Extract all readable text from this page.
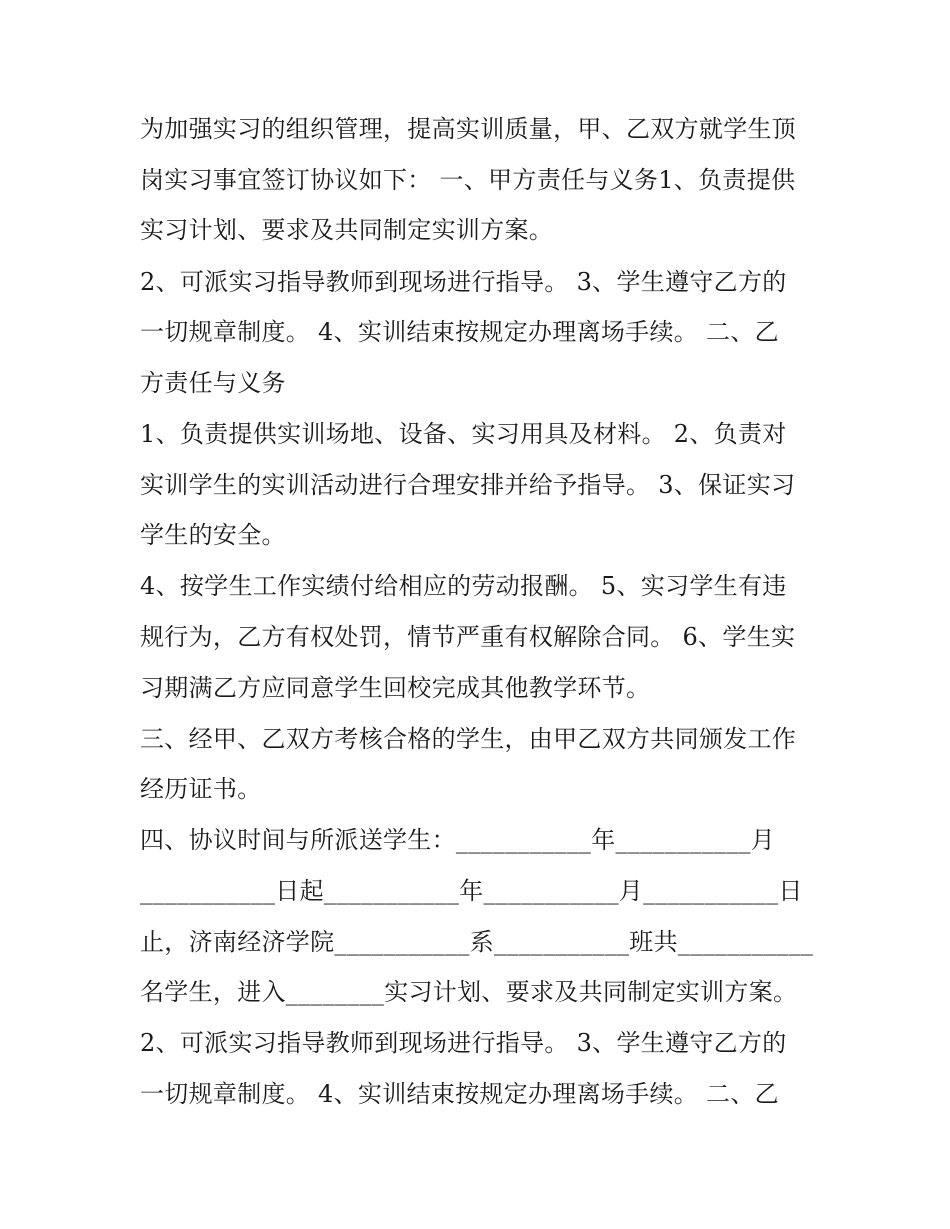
为加强实习的组织管理，提高实训质量，甲、乙双方就学生顶
岗实习事宜签订协议如下： 一、甲方责任与义务1、负责提供
实习计划、要求及共同制定实训方案。
2、可派实习指导教师到现场进行指导。 3、学生遵守乙方的
一切规章制度。 4、实训结束按规定办理离场手续。 二、乙
方责任与义务
1、负责提供实训场地、设备、实习用具及材料。 2、负责对
实训学生的实训活动进行合理安排并给予指导。 3、保证实习
学生的安全。
4、按学生工作实绩付给相应的劳动报酬。 5、实习学生有违
规行为，乙方有权处罚，情节严重有权解除合同。 6、学生实
习期满乙方应同意学生回校完成其他教学环节。
三、经甲、乙双方考核合格的学生，由甲乙双方共同颁发工作
经历证书。
四、协议时间与所派送学生：___________年___________月
___________日起___________年___________月___________日
止，济南经济学院___________系___________班共___________
名学生，进入________实习计划、要求及共同制定实训方案。
2、可派实习指导教师到现场进行指导。 3、学生遵守乙方的
一切规章制度。 4、实训结束按规定办理离场手续。 二、乙
